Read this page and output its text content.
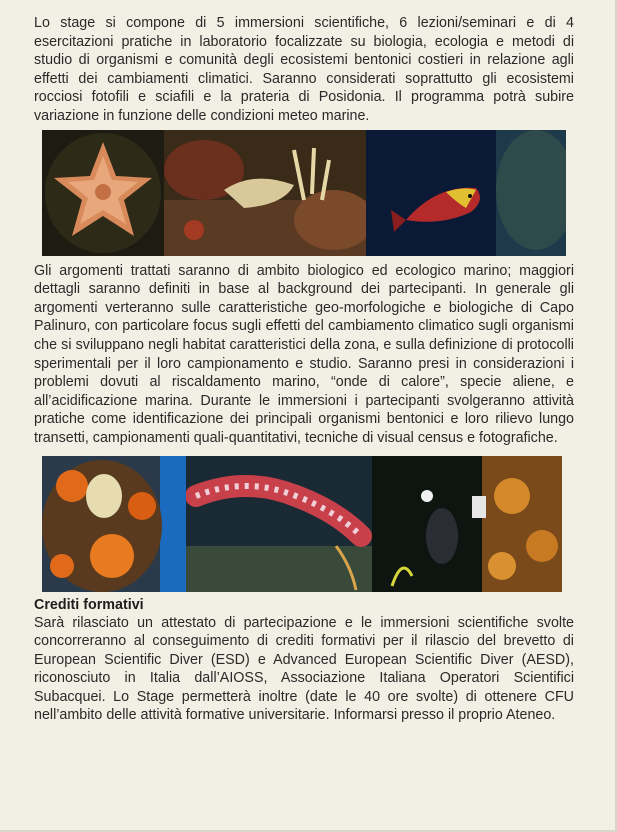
Lo stage si compone di 5 immersioni scientifiche, 6 lezioni/seminari e di 4 esercitazioni pratiche in laboratorio focalizzate su biologia, ecologia e metodi di studio di organismi e comunità degli ecosistemi bentonici costieri in relazione agli effetti dei cambiamenti climatici. Saranno considerati soprattutto gli ecosistemi rocciosi fotofili e sciafili e la prateria di Posidonia. Il programma potrà subire variazione in funzione delle condizioni meteo marine.

Gli argomenti trattati saranno di ambito biologico ed ecologico marino; maggiori dettagli saranno definiti in base al background dei partecipanti. In generale gli argomenti verteranno sulle caratteristiche geo-morfologiche e biologiche di Capo Palinuro, con particolare focus sugli effetti del cambiamento climatico sugli organismi che si sviluppano negli habitat caratteristici della zona, e sulla definizione di protocolli sperimentali per il loro campionamento e studio. Saranno presi in considerazioni i problemi dovuti al riscaldamento marino, “onde di calore”, specie aliene, e all’acidificazione marina. Durante le immersioni i partecipanti svolgeranno attività pratiche come identificazione dei principali organismi bentonici e loro rilievo lungo transetti, campionamenti quali-quantitativi, tecniche di visual census e fotografiche.

Crediti formativi

Sarà rilasciato un attestato di partecipazione e le immersioni scientifiche svolte concorreranno al conseguimento di crediti formativi per il rilascio del brevetto di European Scientific Diver (ESD) e Advanced European Scientific Diver (AESD), riconosciuto in Italia dall’AIOSS, Associazione Italiana Operatori Scientifici Subacquei. Lo Stage permetterà inoltre (date le 40 ore svolte) di ottenere CFU nell’ambito delle attività formative universitarie. Informarsi presso il proprio Ateneo.
